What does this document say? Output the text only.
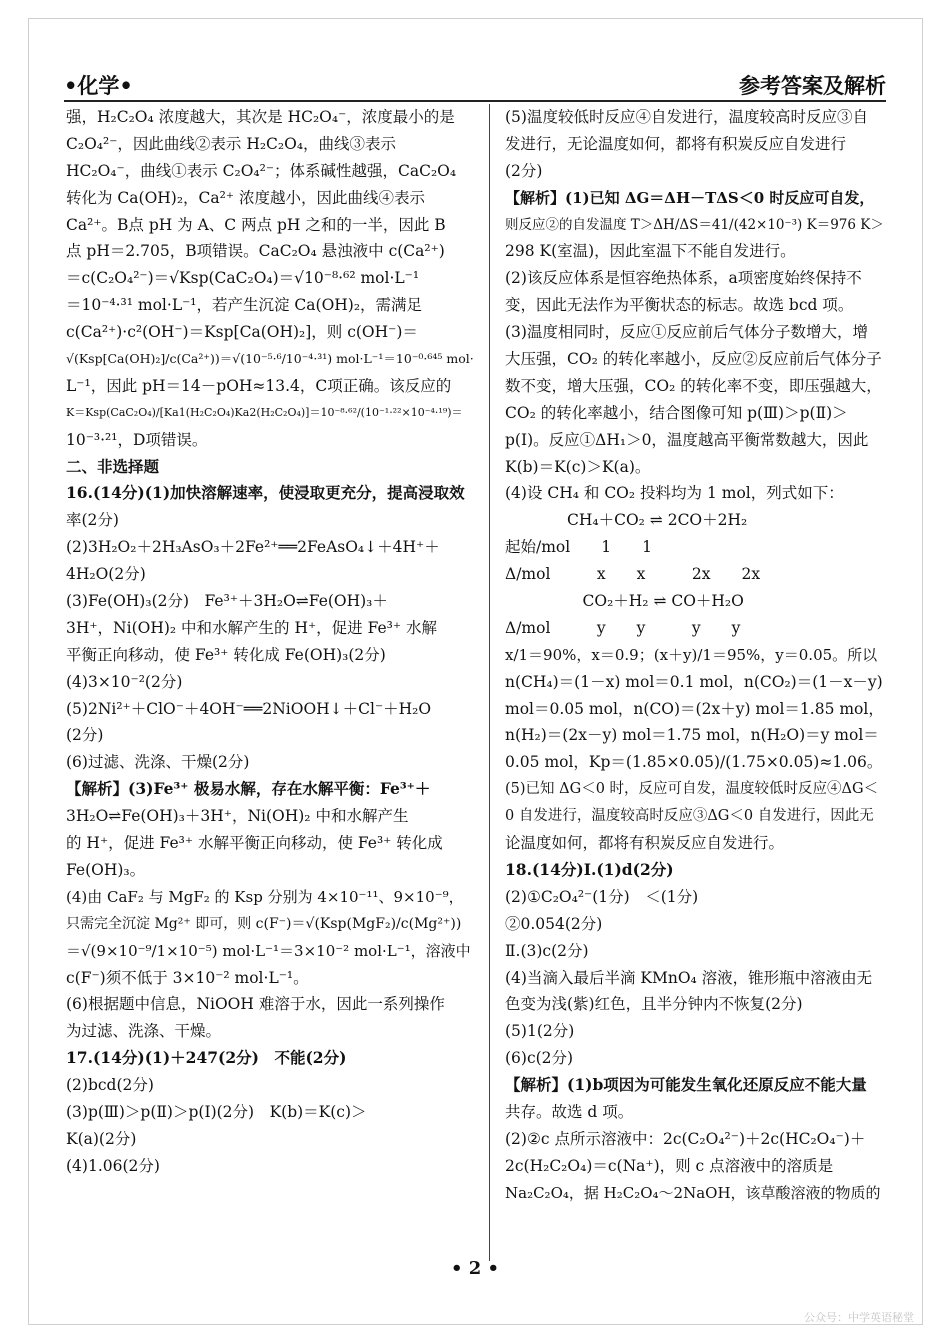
•化学•	参考答案及解析
强，H₂C₂O₄ 浓度越大，其次是 HC₂O₄⁻，浓度最小的是
C₂O₄²⁻，因此曲线②表示 H₂C₂O₄，曲线③表示
HC₂O₄⁻，曲线①表示 C₂O₄²⁻；体系碱性越强，CaC₂O₄
转化为 Ca(OH)₂，Ca²⁺ 浓度越小，因此曲线④表示
Ca²⁺。B点 pH 为 A、C 两点 pH 之和的一半，因此 B
点 pH＝2.705，B项错误。CaC₂O₄ 悬浊液中 c(Ca²⁺)
＝c(C₂O₄²⁻)＝√Ksp(CaC₂O₄)＝√10⁻⁸·⁶² mol·L⁻¹
＝10⁻⁴·³¹ mol·L⁻¹，若产生沉淀 Ca(OH)₂，需满足
c(Ca²⁺)·c²(OH⁻)＝Ksp[Ca(OH)₂]，则 c(OH⁻)＝
√(Ksp[Ca(OH)₂]/c(Ca²⁺))＝√(10⁻⁵·⁶/10⁻⁴·³¹) mol·L⁻¹＝10⁻⁰·⁶⁴⁵ mol·
L⁻¹，因此 pH＝14－pOH≈13.4，C项正确。该反应的
K＝Ksp(CaC₂O₄)/[Ka1(H₂C₂O₄)Ka2(H₂C₂O₄)]＝10⁻⁸·⁶²/(10⁻¹·²²×10⁻⁴·¹⁹)＝
10⁻³·²¹，D项错误。
二、非选择题
16.(14分)(1)加快溶解速率，使浸取更充分，提高浸取效
率(2分)
(2)3H₂O₂＋2H₃AsO₃＋2Fe²⁺══2FeAsO₄↓＋4H⁺＋
4H₂O(2分)
(3)Fe(OH)₃(2分)　Fe³⁺＋3H₂O⇌Fe(OH)₃＋
3H⁺，Ni(OH)₂ 中和水解产生的 H⁺，促进 Fe³⁺ 水解
平衡正向移动，使 Fe³⁺ 转化成 Fe(OH)₃(2分)
(4)3×10⁻²(2分)
(5)2Ni²⁺＋ClO⁻＋4OH⁻══2NiOOH↓＋Cl⁻＋H₂O
(2分)
(6)过滤、洗涤、干燥(2分)
【解析】(3)Fe³⁺ 极易水解，存在水解平衡：Fe³⁺＋
3H₂O⇌Fe(OH)₃＋3H⁺，Ni(OH)₂ 中和水解产生
的 H⁺，促进 Fe³⁺ 水解平衡正向移动，使 Fe³⁺ 转化成
Fe(OH)₃。
(4)由 CaF₂ 与 MgF₂ 的 Ksp 分别为 4×10⁻¹¹、9×10⁻⁹，
只需完全沉淀 Mg²⁺ 即可，则 c(F⁻)＝√(Ksp(MgF₂)/c(Mg²⁺))
＝√(9×10⁻⁹/1×10⁻⁵) mol·L⁻¹＝3×10⁻² mol·L⁻¹，溶液中
c(F⁻)须不低于 3×10⁻² mol·L⁻¹。
(6)根据题中信息，NiOOH 难溶于水，因此一系列操作
为过滤、洗涤、干燥。
17.(14分)(1)＋247(2分)　不能(2分)
(2)bcd(2分)
(3)p(Ⅲ)＞p(Ⅱ)＞p(Ⅰ)(2分)　K(b)＝K(c)＞
K(a)(2分)
(4)1.06(2分)
(5)温度较低时反应④自发进行，温度较高时反应③自
发进行，无论温度如何，都将有积炭反应自发进行
(2分)
【解析】(1)已知 ΔG＝ΔH－TΔS＜0 时反应可自发，
则反应②的自发温度 T＞ΔH/ΔS＝41/(42×10⁻³) K＝976 K＞
298 K(室温)，因此室温下不能自发进行。
(2)该反应体系是恒容绝热体系，a项密度始终保持不
变，因此无法作为平衡状态的标志。故选 bcd 项。
(3)温度相同时，反应①反应前后气体分子数增大，增
大压强，CO₂ 的转化率越小，反应②反应前后气体分子
数不变，增大压强，CO₂ 的转化率不变，即压强越大，
CO₂ 的转化率越小，结合图像可知 p(Ⅲ)＞p(Ⅱ)＞
p(Ⅰ)。反应①ΔH₁＞0，温度越高平衡常数越大，因此
K(b)＝K(c)＞K(a)。
(4)设 CH₄ 和 CO₂ 投料均为 1 mol，列式如下：
　　　　CH₄＋CO₂ ⇌ 2CO＋2H₂
起始/mol　　1　　1
Δ/mol　　　x　　x　　　2x　　2x
　　　　　CO₂＋H₂ ⇌ CO＋H₂O
Δ/mol　　　y　　y　　　y　　y
x/1＝90%，x＝0.9；(x＋y)/1＝95%，y＝0.05。所以
n(CH₄)＝(1－x) mol＝0.1 mol，n(CO₂)＝(1－x－y)
mol＝0.05 mol，n(CO)＝(2x＋y) mol＝1.85 mol，
n(H₂)＝(2x－y) mol＝1.75 mol，n(H₂O)＝y mol＝
0.05 mol，Kp＝(1.85×0.05)/(1.75×0.05)≈1.06。
(5)已知 ΔG＜0 时，反应可自发，温度较低时反应④ΔG＜
0 自发进行，温度较高时反应③ΔG＜0 自发进行，因此无
论温度如何，都将有积炭反应自发进行。
18.(14分)Ⅰ.(1)d(2分)
(2)①C₂O₄²⁻(1分)　＜(1分)
②0.054(2分)
Ⅱ.(3)c(2分)
(4)当滴入最后半滴 KMnO₄ 溶液，锥形瓶中溶液由无
色变为浅(紫)红色，且半分钟内不恢复(2分)
(5)1(2分)
(6)c(2分)
【解析】(1)b项因为可能发生氧化还原反应不能大量
共存。故选 d 项。
(2)②c 点所示溶液中：2c(C₂O₄²⁻)＋2c(HC₂O₄⁻)＋
2c(H₂C₂O₄)＝c(Na⁺)，则 c 点溶液中的溶质是
Na₂C₂O₄，据 H₂C₂O₄～2NaOH，该草酸溶液的物质的
• 2 •
公众号：中学英语秘堂
